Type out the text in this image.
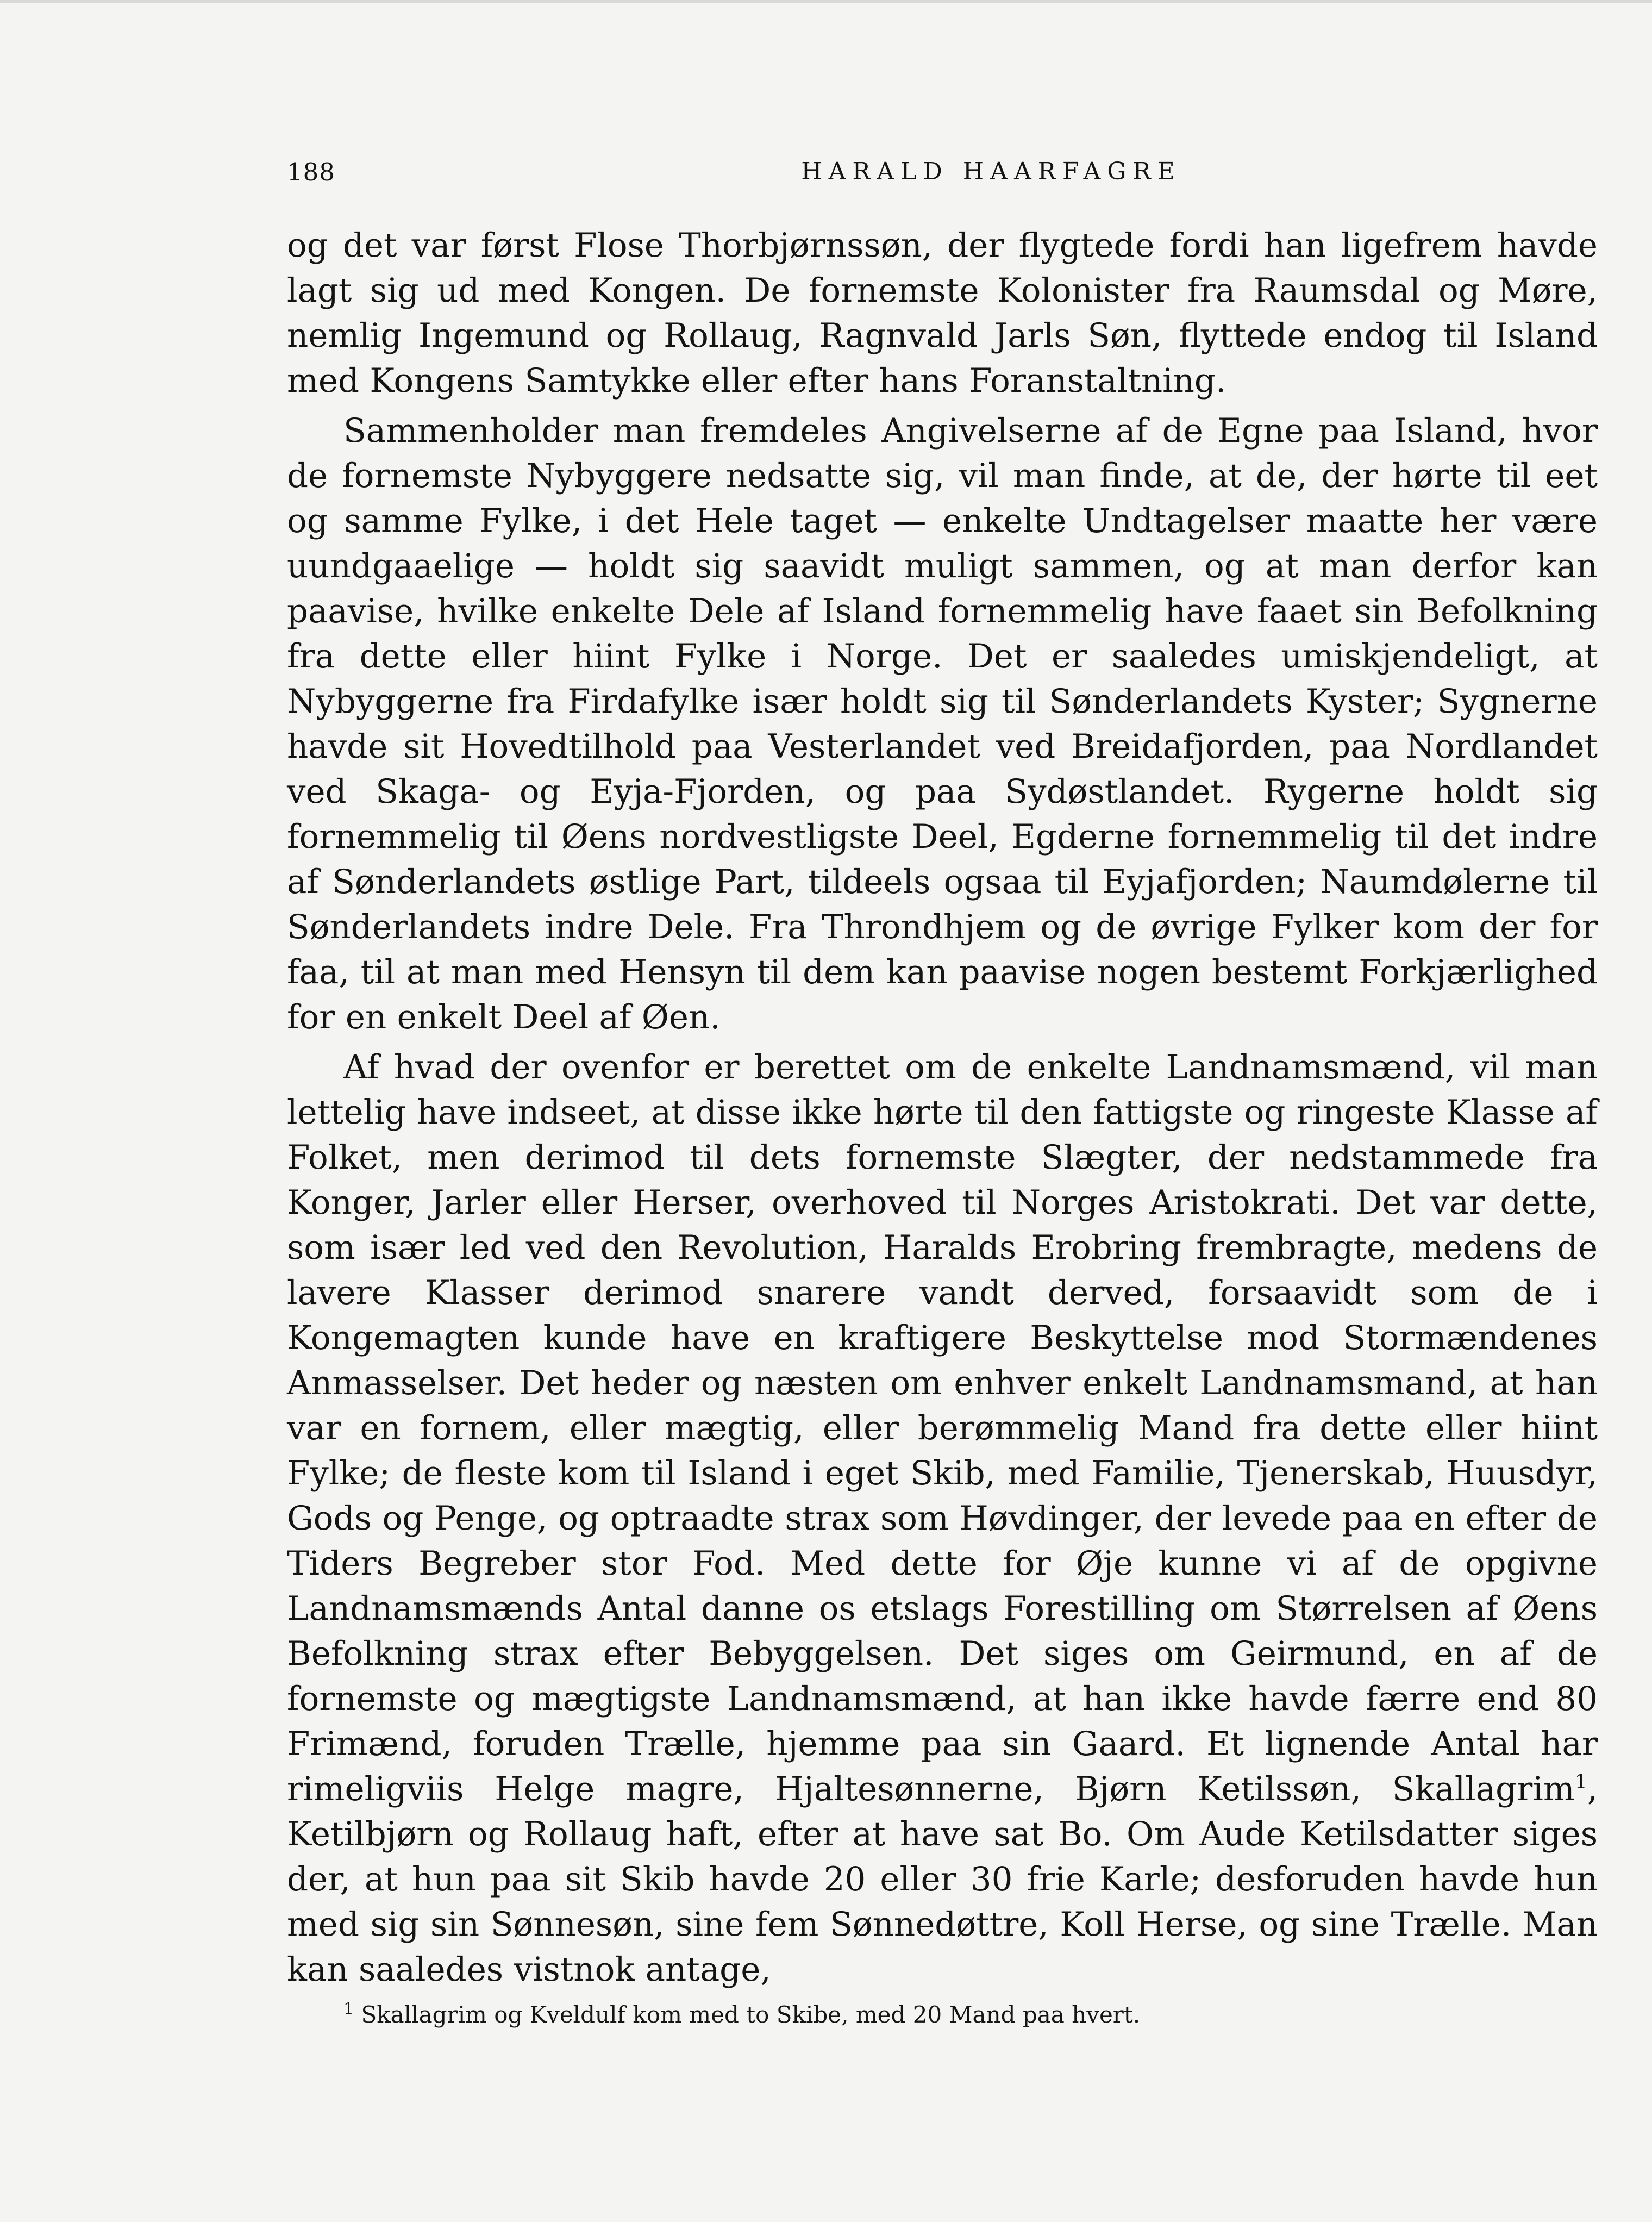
188	HARALD HAARFAGRE

og det var først Flose Thorbjørnssøn, der flygtede fordi han ligefrem havde lagt sig ud med Kongen. De fornemste Kolonister fra Raumsdal og Møre, nemlig Ingemund og Rollaug, Ragnvald Jarls Søn, flyttede endog til Island med Kongens Samtykke eller efter hans Foranstaltning.

Sammenholder man fremdeles Angivelserne af de Egne paa Island, hvor de fornemste Nybyggere nedsatte sig, vil man finde, at de, der hørte til eet og samme Fylke, i det Hele taget — enkelte Undtagelser maatte her være uundgaaelige — holdt sig saavidt muligt sammen, og at man derfor kan paavise, hvilke enkelte Dele af Island fornemmelig have faaet sin Befolkning fra dette eller hiint Fylke i Norge. Det er saaledes umiskjendeligt, at Nybyggerne fra Firdafylke især holdt sig til Sønderlandets Kyster; Sygnerne havde sit Hovedtilhold paa Vesterlandet ved Breidafjorden, paa Nordlandet ved Skaga- og Eyja-Fjorden, og paa Sydøstlandet. Rygerne holdt sig fornemmelig til Øens nordvestligste Deel, Egderne fornemmelig til det indre af Sønderlandets østlige Part, tildeels ogsaa til Eyjafjorden; Naumdølerne til Sønderlandets indre Dele. Fra Throndhjem og de øvrige Fylker kom der for faa, til at man med Hensyn til dem kan paavise nogen bestemt Forkjærlighed for en enkelt Deel af Øen.

Af hvad der ovenfor er berettet om de enkelte Landnamsmænd, vil man lettelig have indseet, at disse ikke hørte til den fattigste og ringeste Klasse af Folket, men derimod til dets fornemste Slægter, der nedstammede fra Konger, Jarler eller Herser, overhoved til Norges Aristokrati. Det var dette, som især led ved den Revolution, Haralds Erobring frembragte, medens de lavere Klasser derimod snarere vandt derved, forsaavidt som de i Kongemagten kunde have en kraftigere Beskyttelse mod Stormændenes Anmasselser. Det heder og næsten om enhver enkelt Landnamsmand, at han var en fornem, eller mægtig, eller berømmelig Mand fra dette eller hiint Fylke; de fleste kom til Island i eget Skib, med Familie, Tjenerskab, Huusdyr, Gods og Penge, og optraadte strax som Høvdinger, der levede paa en efter de Tiders Begreber stor Fod. Med dette for Øje kunne vi af de opgivne Landnamsmænds Antal danne os etslags Forestilling om Størrelsen af Øens Befolkning strax efter Bebyggelsen. Det siges om Geirmund, en af de fornemste og mægtigste Landnamsmænd, at han ikke havde færre end 80 Frimænd, foruden Trælle, hjemme paa sin Gaard. Et lignende Antal har rimeligviis Helge magre, Hjaltesønnerne, Bjørn Ketilssøn, Skallagrim$^1$, Ketilbjørn og Rollaug haft, efter at have sat Bo. Om Aude Ketilsdatter siges der, at hun paa sit Skib havde 20 eller 30 frie Karle; desforuden havde hun med sig sin Sønnesøn, sine fem Sønnedøttre, Koll Herse, og sine Trælle. Man kan saaledes vistnok antage,

$^1$ Skallagrim og Kveldulf kom med to Skibe, med 20 Mand paa hvert.
